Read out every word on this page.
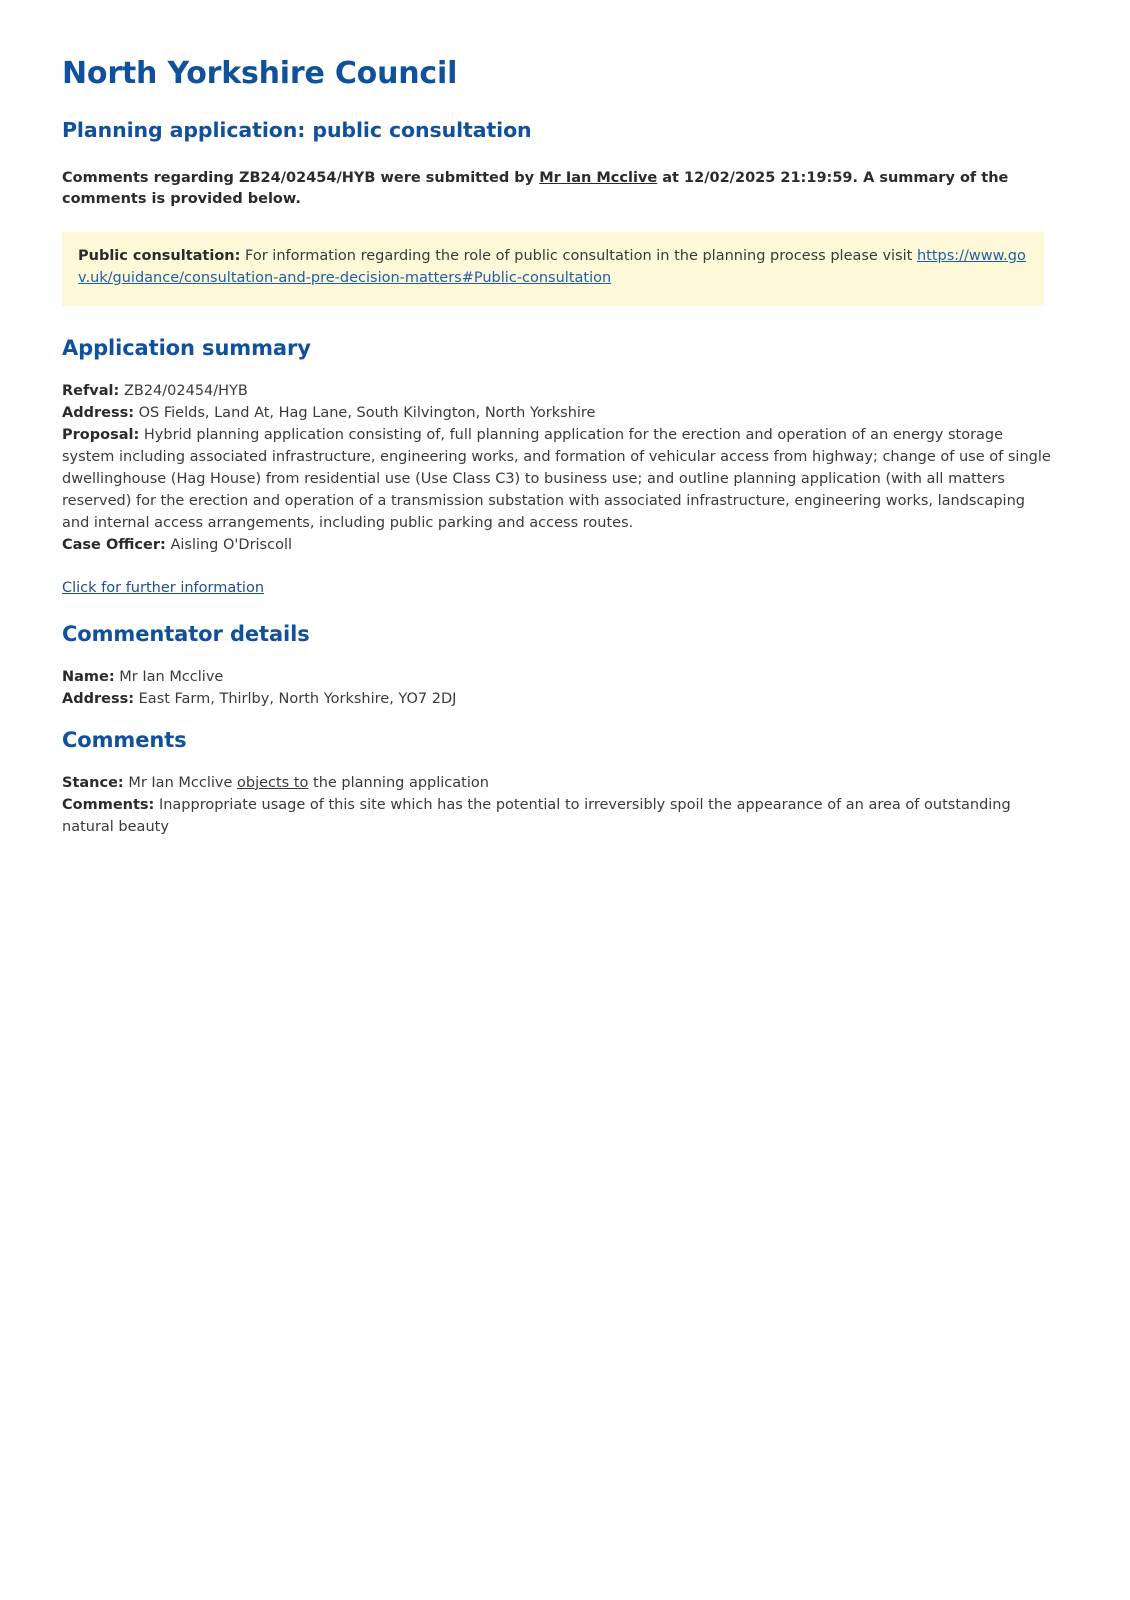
North Yorkshire Council
Planning application: public consultation

Comments regarding ZB24/02454/HYB were submitted by Mr Ian Mcclive at 12/02/2025 21:19:59. A summary of the comments is provided below.

Public consultation: For information regarding the role of public consultation in the planning process please visit https://www.gov.uk/guidance/consultation-and-pre-decision-matters#Public-consultation
Application summary

Refval: ZB24/02454/HYB

Address: OS Fields, Land At, Hag Lane, South Kilvington, North Yorkshire

Proposal: Hybrid planning application consisting of, full planning application for the erection and operation of an energy storage system including associated infrastructure, engineering works, and formation of vehicular access from highway; change of use of single dwellinghouse (Hag House) from residential use (Use Class C3) to business use; and outline planning application (with all matters reserved) for the erection and operation of a transmission substation with associated infrastructure, engineering works, landscaping and internal access arrangements, including public parking and access routes.

Case Officer: Aisling O'Driscoll

Click for further information
Commentator details

Name: Mr Ian Mcclive

Address: East Farm, Thirlby, North Yorkshire, YO7 2DJ

Comments

Stance: Mr Ian Mcclive objects to the planning application

Comments: Inappropriate usage of this site which has the potential to irreversibly spoil the appearance of an area of outstanding natural beauty
